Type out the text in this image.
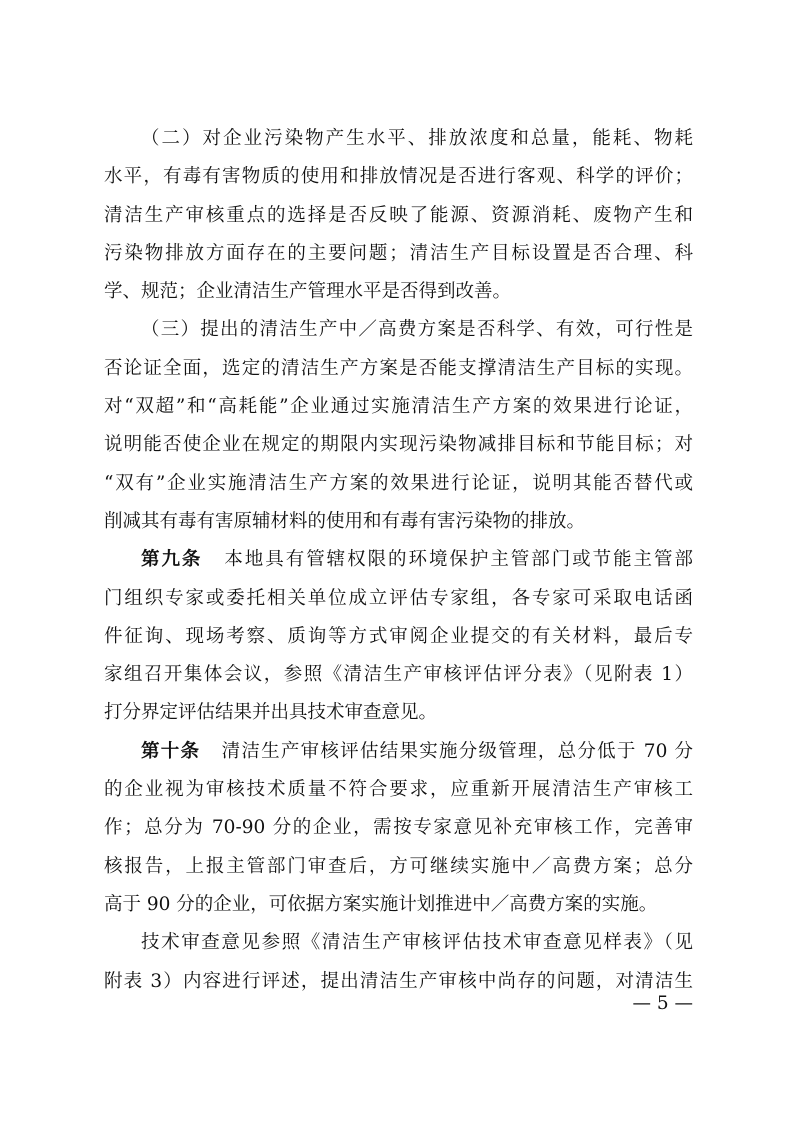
（二）对企业污染物产生水平、排放浓度和总量，能耗、物耗
水平，有毒有害物质的使用和排放情况是否进行客观、科学的评价；
清洁生产审核重点的选择是否反映了能源、资源消耗、废物产生和
污染物排放方面存在的主要问题；清洁生产目标设置是否合理、科
学、规范；企业清洁生产管理水平是否得到改善。
（三）提出的清洁生产中／高费方案是否科学、有效，可行性是
否论证全面，选定的清洁生产方案是否能支撑清洁生产目标的实现。
对“双超”和“高耗能”企业通过实施清洁生产方案的效果进行论证，
说明能否使企业在规定的期限内实现污染物减排目标和节能目标；对
“双有”企业实施清洁生产方案的效果进行论证，说明其能否替代或
削减其有毒有害原辅材料的使用和有毒有害污染物的排放。
第九条 本地具有管辖权限的环境保护主管部门或节能主管部
门组织专家或委托相关单位成立评估专家组，各专家可采取电话函
件征询、现场考察、质询等方式审阅企业提交的有关材料，最后专
家组召开集体会议，参照《清洁生产审核评估评分表》（见附表 1）
打分界定评估结果并出具技术审查意见。
第十条 清洁生产审核评估结果实施分级管理，总分低于 70 分
的企业视为审核技术质量不符合要求，应重新开展清洁生产审核工
作；总分为 70-90 分的企业，需按专家意见补充审核工作，完善审
核报告，上报主管部门审查后，方可继续实施中／高费方案；总分
高于 90 分的企业，可依据方案实施计划推进中／高费方案的实施。
技术审查意见参照《清洁生产审核评估技术审查意见样表》（见
附表 3）内容进行评述，提出清洁生产审核中尚存的问题，对清洁生
— 5 —
